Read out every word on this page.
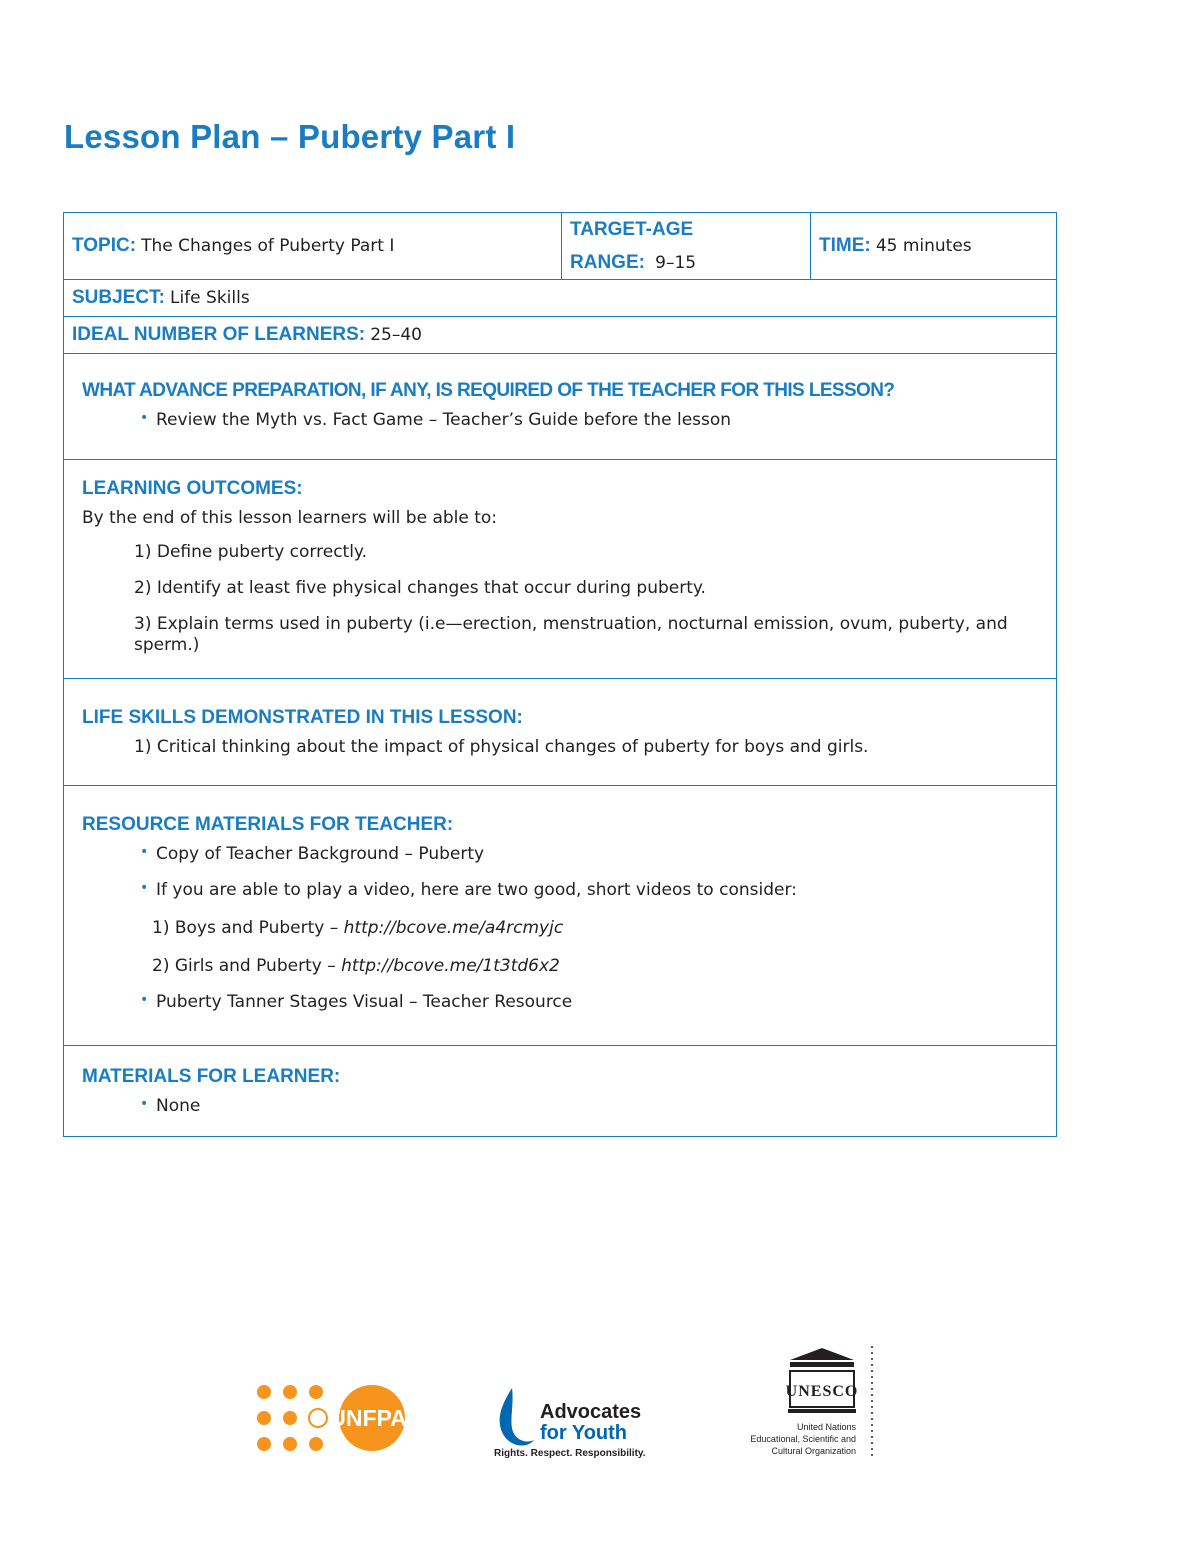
Lesson Plan – Puberty Part I
TOPIC:
The Changes of Puberty Part I
TARGET-AGE
RANGE: 9–15
TIME:
45 minutes
SUBJECT:
Life Skills
IDEAL NUMBER OF LEARNERS:
25–40
WHAT ADVANCE PREPARATION, IF ANY, IS REQUIRED OF THE TEACHER FOR THIS LESSON?
• Review the Myth vs. Fact Game – Teacher’s Guide before the lesson
LEARNING OUTCOMES:
By the end of this lesson learners will be able to:
1) Define puberty correctly.
2) Identify at least five physical changes that occur during puberty.
3) Explain terms used in puberty (i.e—erection, menstruation, nocturnal emission, ovum, puberty, and sperm.)
LIFE SKILLS DEMONSTRATED IN THIS LESSON:
1) Critical thinking about the impact of physical changes of puberty for boys and girls.
RESOURCE MATERIALS FOR TEACHER:
• Copy of Teacher Background – Puberty
• If you are able to play a video, here are two good, short videos to consider:
1) Boys and Puberty – http://bcove.me/a4rcmyjc
2) Girls and Puberty – http://bcove.me/1t3td6x2
• Puberty Tanner Stages Visual – Teacher Resource
MATERIALS FOR LEARNER:
• None
UNFPA	Advocates
for Youth
Rights. Respect. Responsibility.
UNESCO
United Nations
Educational, Scientific and
Cultural Organization
